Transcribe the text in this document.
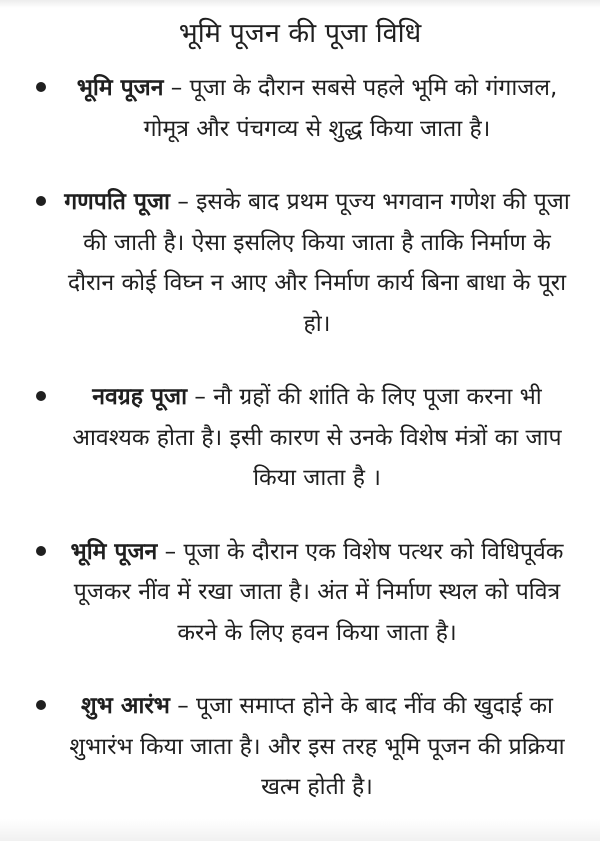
भूमि पूजन की पूजा विधि
भूमि पूजन – पूजा के दौरान सबसे पहले भूमि को गंगाजल, गोमूत्र और पंचगव्य से शुद्ध किया जाता है।
गणपति पूजा – इसके बाद प्रथम पूज्य भगवान गणेश की पूजा की जाती है। ऐसा इसलिए किया जाता है ताकि निर्माण के दौरान कोई विघ्न न आए और निर्माण कार्य बिना बाधा के पूरा हो।
नवग्रह पूजा – नौ ग्रहों की शांति के लिए पूजा करना भी आवश्यक होता है। इसी कारण से उनके विशेष मंत्रों का जाप किया जाता है ।
भूमि पूजन – पूजा के दौरान एक विशेष पत्थर को विधिपूर्वक पूजकर नींव में रखा जाता है। अंत में निर्माण स्थल को पवित्र करने के लिए हवन किया जाता है।
शुभ आरंभ – पूजा समाप्त होने के बाद नींव की खुदाई का शुभारंभ किया जाता है। और इस तरह भूमि पूजन की प्रक्रिया खत्म होती है।
